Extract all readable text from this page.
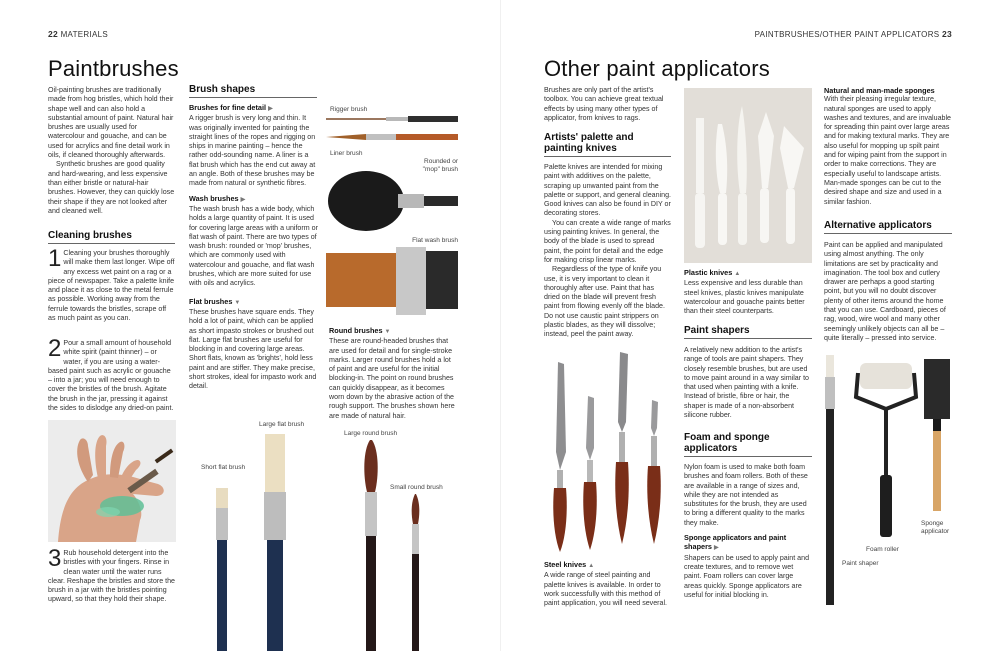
22 MATERIALS
Paintbrushes

Oil-painting brushes are traditionally made from hog bristles, which hold their shape well and can also hold a substantial amount of paint. Natural hair brushes are usually used for watercolour and gouache, and can be used for acrylics and fine detail work in oils, if cleaned thoroughly afterwards.

Synthetic brushes are good quality and hard-wearing, and less expensive than either bristle or natural-hair brushes. However, they can quickly lose their shape if they are not looked after and cleaned well.

Cleaning brushes
1 Cleaning your brushes thoroughly will make them last longer. Wipe off any excess wet paint on a rag or a piece of newspaper. Take a palette knife and place it as close to the metal ferrule as possible. Working away from the ferrule towards the bristles, scrape off as much paint as you can.
2 Pour a small amount of household white spirit (paint thinner) – or water, if you are using a water-based paint such as acrylic or gouache – into a jar; you will need enough to cover the bristles of the brush. Agitate the brush in the jar, pressing it against the sides to dislodge any dried-on paint.
3 Rub household detergent into the bristles with your fingers. Rinse in clean water until the water runs clear. Reshape the bristles and store the brush in a jar with the bristles pointing upward, so that they hold their shape.
Brush shapes
Brushes for fine detail ▶

A rigger brush is very long and thin. It was originally invented for painting the straight lines of the ropes and rigging on ships in marine painting – hence the rather odd-sounding name. A liner is a flat brush which has the end cut away at an angle. Both of these brushes may be made from natural or synthetic fibres.

Wash brushes ▶

The wash brush has a wide body, which holds a large quantity of paint. It is used for covering large areas with a uniform or flat wash of paint. There are two types of wash brush: rounded or 'mop' brushes, which are commonly used with watercolour and gouache, and flat wash brushes, which are more suited for use with oils and acrylics.

Flat brushes ▼

These brushes have square ends. They hold a lot of paint, which can be applied as short impasto strokes or brushed out flat. Large flat brushes are useful for blocking in and covering large areas. Short flats, known as 'brights', hold less paint and are stiffer. They make precise, short strokes, ideal for impasto work and detail.

Round brushes ▼

These are round-headed brushes that are used for detail and for single-stroke marks. Larger round brushes hold a lot of paint and are useful for the initial blocking-in. The point on round brushes can quickly disappear, as it becomes worn down by the abrasive action of the rough support. The brushes shown here are made of natural hair.

Rigger brush
Liner brush
Rounded or "mop" brush
Flat wash brush
Large flat brush
Short flat brush
Large round brush
Small round brush
PAINTBRUSHES/OTHER PAINT APPLICATORS 23
Other paint applicators
Brushes are only part of the artist's toolbox. You can achieve great textual effects by using many other types of applicator, from knives to rags.
Artists' palette and painting knives

Palette knives are intended for mixing paint with additives on the palette, scraping up unwanted paint from the palette or support, and general cleaning. Good knives can also be found in DIY or decorating stores.

You can create a wide range of marks using painting knives. In general, the body of the blade is used to spread paint, the point for detail and the edge for making crisp linear marks.

Regardless of the type of knife you use, it is very important to clean it thoroughly after use. Paint that has dried on the blade will prevent fresh paint from flowing evenly off the blade. Do not use caustic paint strippers on plastic blades, as they will dissolve; instead, peel the paint away.

Steel knives ▲

A wide range of steel painting and palette knives is available. In order to work successfully with this method of paint application, you will need several.

Plastic knives ▲

Less expensive and less durable than steel knives, plastic knives manipulate watercolour and gouache paints better than their steel counterparts.

Paint shapers
A relatively new addition to the artist's range of tools are paint shapers. They closely resemble brushes, but are used to move paint around in a way similar to that used when painting with a knife. Instead of bristle, fibre or hair, the shaper is made of a non-absorbent silicone rubber.
Foam and sponge applicators

Nylon foam is used to make both foam brushes and foam rollers. Both of these are available in a range of sizes and, while they are not intended as substitutes for the brush, they are used to bring a different quality to the marks they make.

Sponge applicators and paint shapers ▶

Shapers can be used to apply paint and create textures, and to remove wet paint. Foam rollers can cover large areas quickly. Sponge applicators are useful for initial blocking in.

Natural and man-made sponges

With their pleasing irregular texture, natural sponges are used to apply washes and textures, and are invaluable for spreading thin paint over large areas and for making textural marks. They are also useful for mopping up spilt paint and for wiping paint from the support in order to make corrections. They are especially useful to landscape artists. Man-made sponges can be cut to the desired shape and size and used in a similar fashion.

Alternative applicators
Paint can be applied and manipulated using almost anything. The only limitations are set by practicality and imagination. The tool box and cutlery drawer are perhaps a good starting point, but you will no doubt discover plenty of other items around the home that you can use. Cardboard, pieces of rag, wood, wire wool and many other seemingly unlikely objects can all be – quite literally – pressed into service.
Paint shaper
Foam roller
Sponge applicator
